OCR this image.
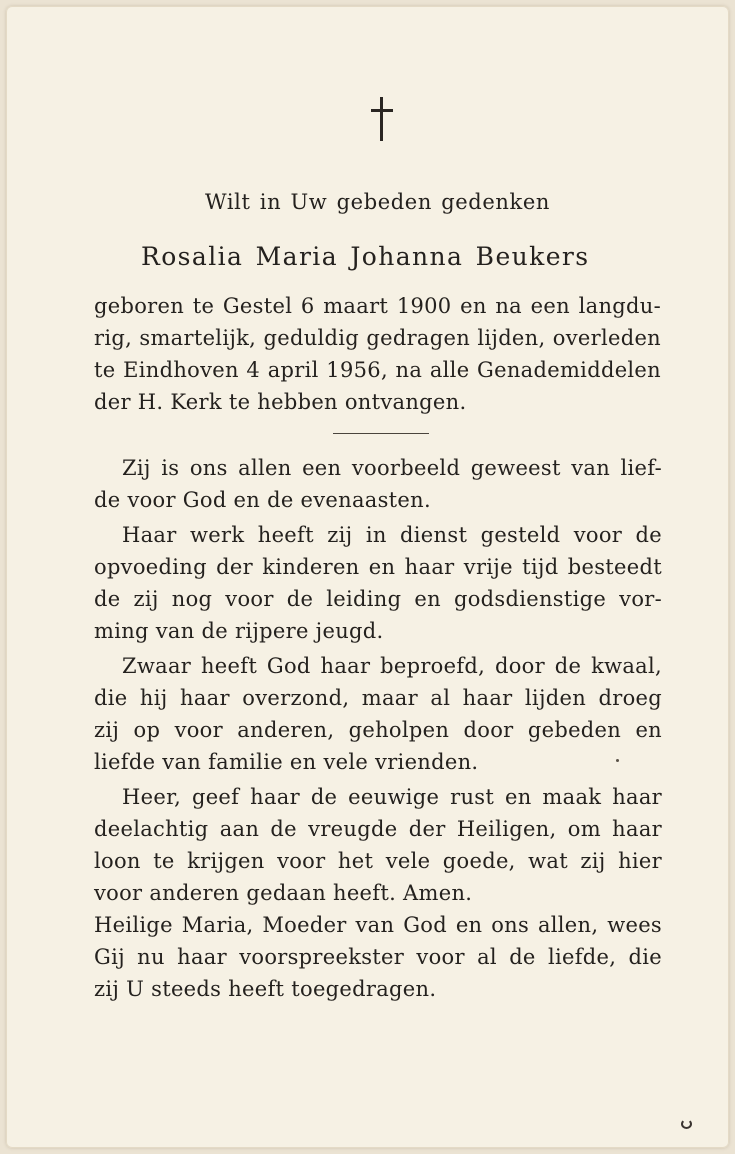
Wilt in Uw gebeden gedenken
Rosalia Maria Johanna Beukers
geboren te Gestel 6 maart 1900 en na een langdu-
rig, smartelijk, geduldig gedragen lijden, overleden
te Eindhoven 4 april 1956, na alle Genademiddelen
der H. Kerk te hebben ontvangen.
Zij is ons allen een voorbeeld geweest van lief-
de voor God en de evenaasten.
Haar werk heeft zij in dienst gesteld voor de
opvoeding der kinderen en haar vrije tijd besteedt
de zij nog voor de leiding en godsdienstige vor-
ming van de rijpere jeugd.
Zwaar heeft God haar beproefd, door de kwaal,
die hij haar overzond, maar al haar lijden droeg
zij op voor anderen, geholpen door gebeden en
liefde van familie en vele vrienden.
Heer, geef haar de eeuwige rust en maak haar
deelachtig aan de vreugde der Heiligen, om haar
loon te krijgen voor het vele goede, wat zij hier
voor anderen gedaan heeft. Amen.
Heilige Maria, Moeder van God en ons allen, wees
Gij nu haar voorspreekster voor al de liefde, die
zij U steeds heeft toegedragen.
